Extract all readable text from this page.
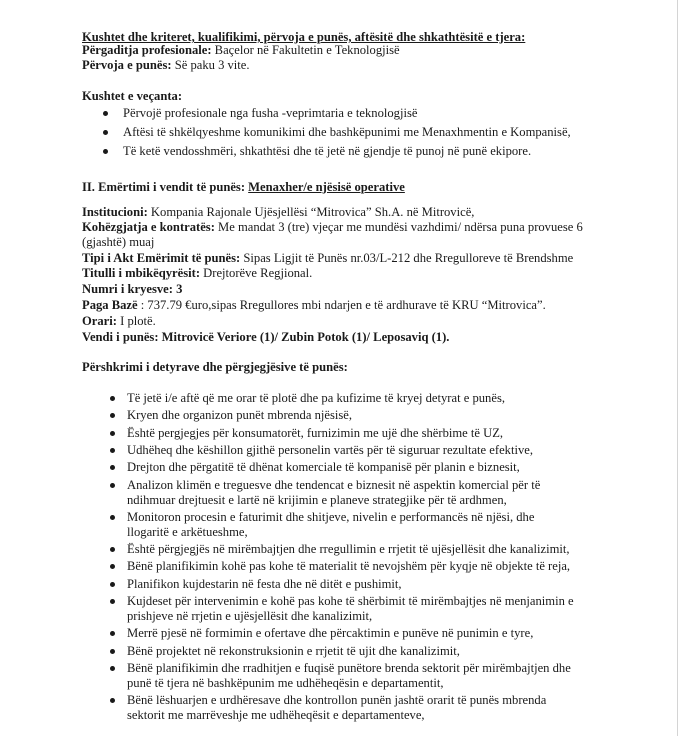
Kushtet dhe kriteret, kualifikimi, përvoja e punës, aftësitë dhe shkathtësitë e tjera:
Përgaditja profesionale: Baçelor në Fakultetin e Teknologjisë
Përvoja e punës: Së paku 3 vite.
Kushtet e veçanta:
Përvojë profesionale nga fusha -veprimtaria e teknologjisë
Aftësi të shkëlqyeshme komunikimi dhe bashkëpunimi me Menaxhmentin e Kompanisë,
Të ketë vendosshmëri, shkathtësi dhe të jetë në gjendje të punoj në punë ekipore.
II. Emërtimi i vendit të punës: Menaxher/e njësisë operative
Institucioni: Kompania Rajonale Ujësjellësi “Mitrovica” Sh.A. në Mitrovicë,
Kohëzgjatja e kontratës: Me mandat 3 (tre) vjeçar me mundësi vazhdimi/ ndërsa puna provuese 6
(gjashtë) muaj
Tipi i Akt Emërimit të punës: Sipas Ligjit të Punës nr.03/L-212 dhe Rregulloreve të Brendshme
Titulli i mbikëqyrësit: Drejtorëve Regjional.
Numri i kryesve: 3
Paga Bazë : 737.79 €uro,sipas Rregullores mbi ndarjen e të ardhurave të KRU “Mitrovica”.
Orari: I plotë.
Vendi i punës: Mitrovicë Veriore (1)/ Zubin Potok (1)/ Leposaviq (1).
Përshkrimi i detyrave dhe përgjegjësive të punës:
Të jetë i/e aftë që me orar të plotë dhe pa kufizime të kryej detyrat e punës,
Kryen dhe organizon punët mbrenda njësisë,
Është pergjegjes për konsumatorët, furnizimin me ujë dhe shërbime të UZ,
Udhëheq dhe këshillon gjithë personelin vartës për të siguruar rezultate efektive,
Drejton dhe përgatitë të dhënat komerciale të kompanisë për planin e biznesit,
Analizon klimën e treguesve dhe tendencat e biznesit në aspektin komercial për të
ndihmuar drejtuesit e lartë në krijimin e planeve strategjike për të ardhmen,
Monitoron procesin e faturimit dhe shitjeve, nivelin e performancës në njësi, dhe
llogaritë e arkëtueshme,
Është përgjegjës në mirëmbajtjen dhe rregullimin e rrjetit të ujësjellësit dhe kanalizimit,
Bënë planifikimin kohë pas kohe të materialit të nevojshëm për kyqje në objekte të reja,
Planifikon kujdestarin në festa dhe në ditët e pushimit,
Kujdeset për intervenimin e kohë pas kohe të shërbimit të mirëmbajtjes në menjanimin e
prishjeve në rrjetin e ujësjellësit dhe kanalizimit,
Merrë pjesë në formimin e ofertave dhe përcaktimin e punëve në punimin e tyre,
Bënë projektet në rekonstruksionin e rrjetit të ujit dhe kanalizimit,
Bënë planifikimin dhe rradhitjen e fuqisë punëtore brenda sektorit për mirëmbajtjen dhe
punë të tjera në bashkëpunim me udhëheqësin e departamentit,
Bënë lëshuarjen e urdhëresave dhe kontrollon punën jashtë orarit të punës mbrenda
sektorit me marrëveshje me udhëheqësit e departamenteve,
